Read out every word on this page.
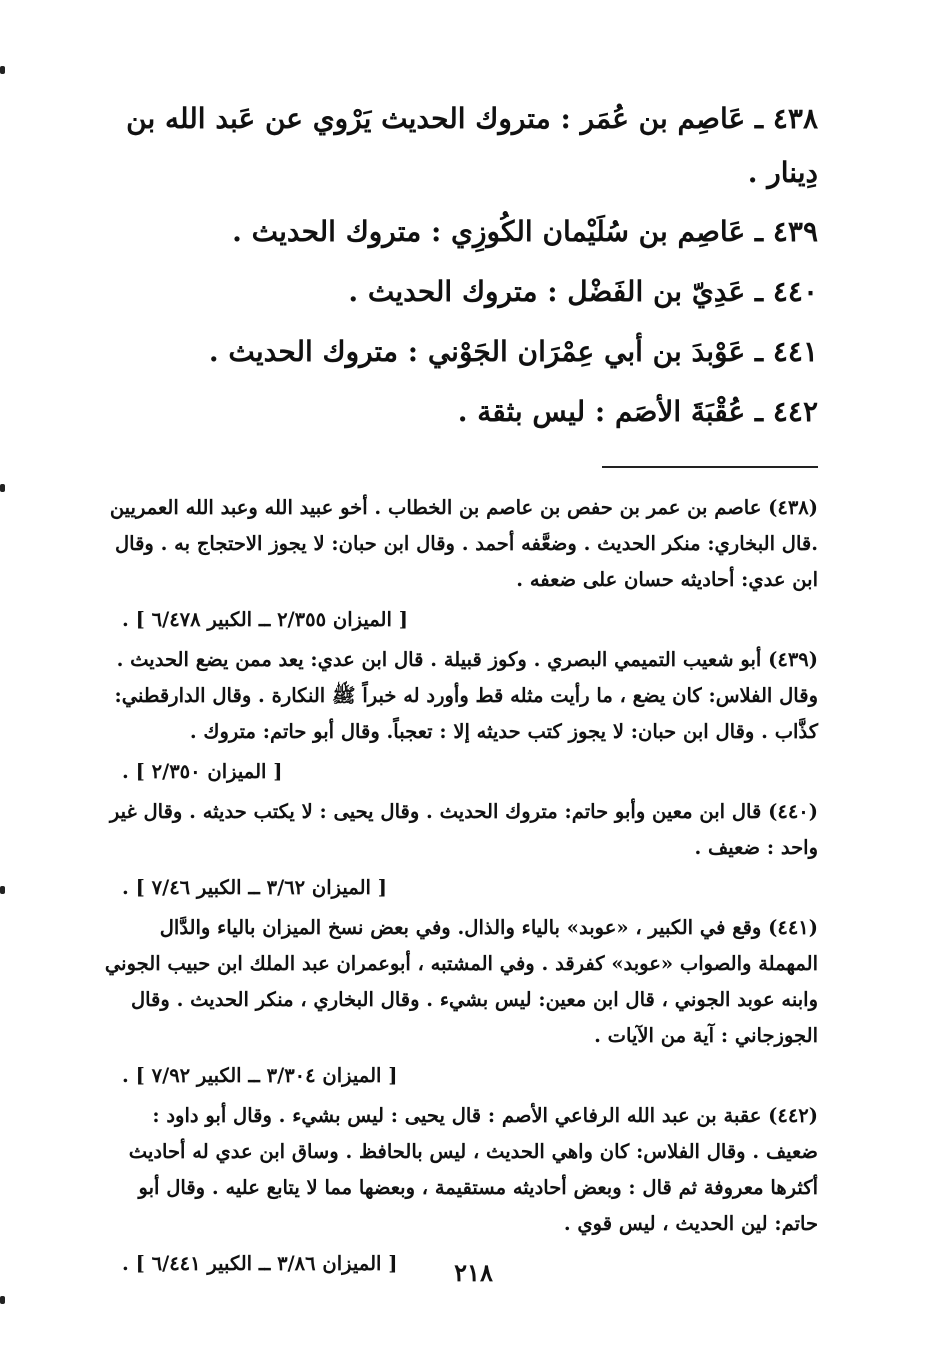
٤٣٨ ـ عَاصِم بن عُمَر : متروك الحديث يَرْوي عن عَبد الله بن دِينار .

٤٣٩ ـ عَاصِم بن سُلَيْمان الكُوزِي : متروك الحديث .

٤٤٠ ـ عَدِيّ بن الفَضْل : متروك الحديث .

٤٤١ ـ عَوْبدَ بن أبي عِمْرَان الجَوْني : متروك الحديث .

٤٤٢ ـ عُقْبَةَ الأصَم : ليس بثقة .

(٤٣٨) عاصم بن عمر بن حفص بن عاصم بن الخطاب . أخو عبيد الله وعبد الله العمريين .قال البخاري: منكر الحديث . وضعَّفه أحمد . وقال ابن حبان: لا يجوز الاحتجاج به . وقال ابن عدي: أحاديثه حسان على ضعفه .

[ الميزان ٢/٣٥٥ ــ الكبير ٦/٤٧٨ ] .

(٤٣٩) أبو شعيب التميمي البصري . وكوز قبيلة . قال ابن عدي: يعد ممن يضع الحديث . وقال الفلاس: كان يضع ، ما رأيت مثله قط وأورد له خبراً ﷺ النكارة . وقال الدارقطني: كذَّاب . وقال ابن حبان: لا يجوز كتب حديثه إلا : تعجباً. وقال أبو حاتم: متروك .

[ الميزان ٢/٣٥٠ ] .

(٤٤٠) قال ابن معين وأبو حاتم: متروك الحديث . وقال يحيى : لا يكتب حديثه . وقال غير واحد : ضعيف .

[ الميزان ٣/٦٢ ــ الكبير ٧/٤٦ ] .

(٤٤١) وقع في الكبير ، «عوبد» بالياء والذال. وفي بعض نسخ الميزان بالياء والدَّال المهملة والصواب «عوبد» كفرقد . وفي المشتبه ، أبوعمران عبد الملك ابن حبيب الجوني وابنه عوبد الجوني ، قال ابن معين: ليس بشيء . وقال البخاري ، منكر الحديث . وقال الجوزجاني : آية من الآيات .

[ الميزان ٣/٣٠٤ ــ الكبير ٧/٩٢ ] .

(٤٤٢) عقبة بن عبد الله الرفاعي الأصم : قال يحيى : ليس بشيء . وقال أبو داود : ضعيف . وقال الفلاس: كان واهي الحديث ، ليس بالحافظ . وساق ابن عدي له أحاديث أكثرها معروفة ثم قال : وبعض أحاديثه مستقيمة ، وبعضها مما لا يتابع عليه . وقال أبو حاتم: لين الحديث ، ليس قوي .

[ الميزان ٣/٨٦ ــ الكبير ٦/٤٤١ ] .	٢١٨
